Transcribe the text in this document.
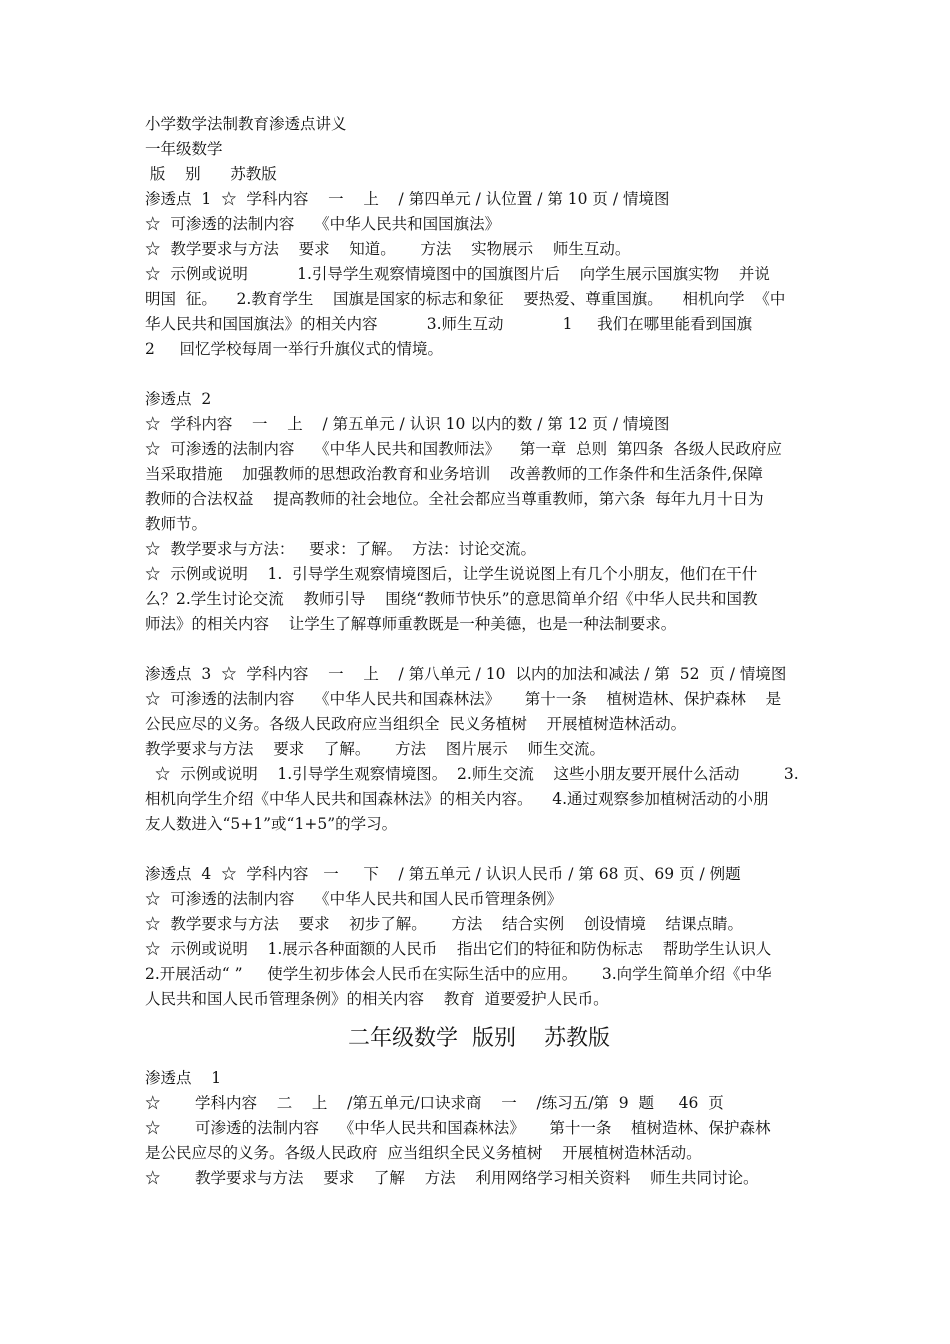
小学数学法制教育渗透点讲义
一年级数学
版    别      苏教版
渗透点  1  ☆  学科内容    一    上    / 第四单元 / 认位置 / 第 10 页 / 情境图
☆  可渗透的法制内容    《中华人民共和国国旗法》
☆  教学要求与方法    要求    知道。     方法    实物展示    师生互动。
☆  示例或说明          1.引导学生观察情境图中的国旗图片后    向学生展示国旗实物    并说
明国  征。    2.教育学生    国旗是国家的标志和象征    要热爱、尊重国旗。    相机向学  《中
华人民共和国国旗法》的相关内容          3.师生互动            1     我们在哪里能看到国旗
2     回忆学校每周一举行升旗仪式的情境。
渗透点  2
☆  学科内容    一    上    / 第五单元 / 认识 10 以内的数 / 第 12 页 / 情境图
☆  可渗透的法制内容    《中华人民共和国教师法》    第一章  总则  第四条  各级人民政府应
当采取措施    加强教师的思想政治教育和业务培训    改善教师的工作条件和生活条件,保障
教师的合法权益    提高教师的社会地位。全社会都应当尊重教师，第六条  每年九月十日为
教师节。
☆  教学要求与方法：   要求：了解。  方法：讨论交流。
☆  示例或说明    1.  引导学生观察情境图后，让学生说说图上有几个小朋友，他们在干什
么？2.学生讨论交流    教师引导    围绕“教师节快乐”的意思简单介绍《中华人民共和国教
师法》的相关内容    让学生了解尊师重教既是一种美德，也是一种法制要求。
渗透点  3  ☆  学科内容    一    上    / 第八单元 / 10  以内的加法和减法 / 第  52  页 / 情境图
☆  可渗透的法制内容    《中华人民共和国森林法》     第十一条    植树造林、保护森林    是
公民应尽的义务。各级人民政府应当组织全  民义务植树    开展植树造林活动。
教学要求与方法    要求    了解。     方法    图片展示    师生交流。
☆  示例或说明    1.引导学生观察情境图。  2.师生交流    这些小朋友要开展什么活动         3.
相机向学生介绍《中华人民共和国森林法》的相关内容。    4.通过观察参加植树活动的小朋
友人数进入“5+1”或“1+5”的学习。
渗透点  4  ☆  学科内容   一     下    / 第五单元 / 认识人民币 / 第 68 页、69 页 / 例题
☆  可渗透的法制内容    《中华人民共和国人民币管理条例》
☆  教学要求与方法    要求    初步了解。     方法    结合实例    创设情境    结课点睛。
☆  示例或说明    1.展示各种面额的人民币    指出它们的特征和防伪标志    帮助学生认识人
2.开展活动“ ”     使学生初步体会人民币在实际生活中的应用。     3.向学生简单介绍《中华
人民共和国人民币管理条例》的相关内容    教育  道要爱护人民币。
二年级数学  版别    苏教版
渗透点    1
☆       学科内容    二    上    /第五单元/口诀求商    一    /练习五/第  9  题     46  页
☆       可渗透的法制内容    《中华人民共和国森林法》     第十一条    植树造林、保护森林
是公民应尽的义务。各级人民政府  应当组织全民义务植树    开展植树造林活动。
☆       教学要求与方法    要求    了解    方法    利用网络学习相关资料    师生共同讨论。
